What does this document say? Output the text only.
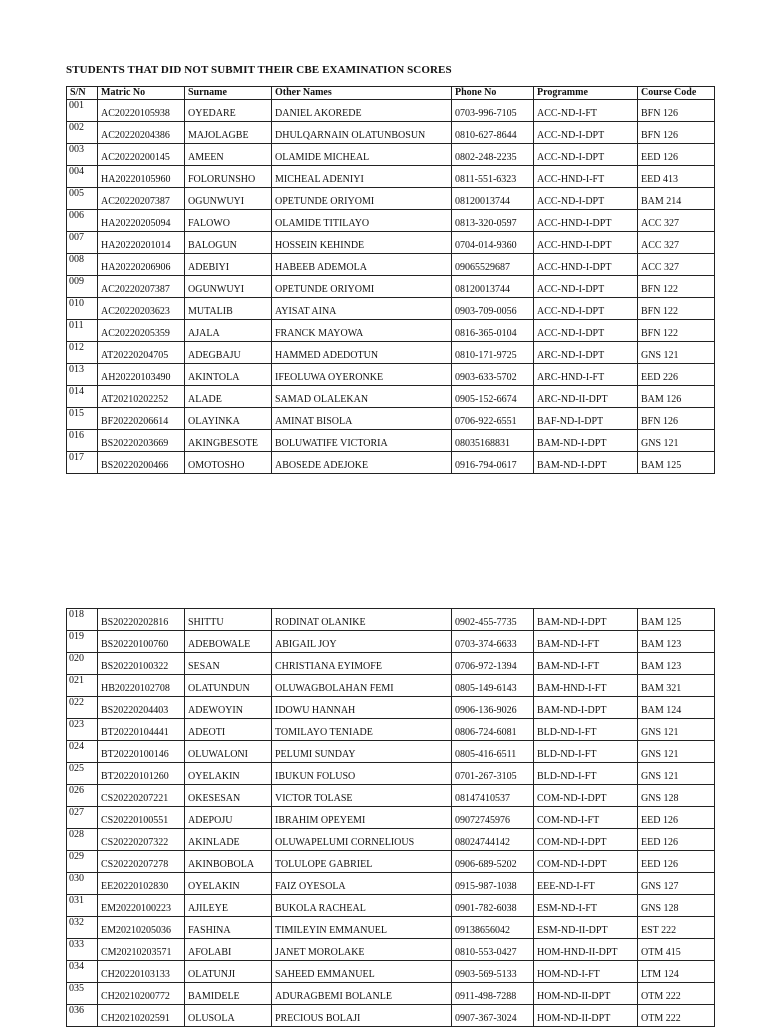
STUDENTS THAT DID NOT SUBMIT THEIR CBE EXAMINATION SCORES
S/N	Matric No	Surname	Other Names	Phone No	Programme	Course Code
001	AC20220105938	OYEDARE	DANIEL AKOREDE	0703-996-7105	ACC-ND-I-FT	BFN 126
002	AC20220204386	MAJOLAGBE	DHULQARNAIN OLATUNBOSUN	0810-627-8644	ACC-ND-I-DPT	BFN 126
003	AC20220200145	AMEEN	OLAMIDE MICHEAL	0802-248-2235	ACC-ND-I-DPT	EED 126
004	HA20220105960	FOLORUNSHO	MICHEAL ADENIYI	0811-551-6323	ACC-HND-I-FT	EED 413
005	AC20220207387	OGUNWUYI	OPETUNDE ORIYOMI	08120013744	ACC-ND-I-DPT	BAM 214
006	HA20220205094	FALOWO	OLAMIDE TITILAYO	0813-320-0597	ACC-HND-I-DPT	ACC 327
007	HA20220201014	BALOGUN	HOSSEIN KEHINDE	0704-014-9360	ACC-HND-I-DPT	ACC 327
008	HA20220206906	ADEBIYI	HABEEB ADEMOLA	09065529687	ACC-HND-I-DPT	ACC 327
009	AC20220207387	OGUNWUYI	OPETUNDE ORIYOMI	08120013744	ACC-ND-I-DPT	BFN 122
010	AC20220203623	MUTALIB	AYISAT AINA	0903-709-0056	ACC-ND-I-DPT	BFN 122
011	AC20220205359	AJALA	FRANCK MAYOWA	0816-365-0104	ACC-ND-I-DPT	BFN 122
012	AT20220204705	ADEGBAJU	HAMMED ADEDOTUN	0810-171-9725	ARC-ND-I-DPT	GNS 121
013	AH20220103490	AKINTOLA	IFEOLUWA OYERONKE	0903-633-5702	ARC-HND-I-FT	EED 226
014	AT20210202252	ALADE	SAMAD OLALEKAN	0905-152-6674	ARC-ND-II-DPT	BAM 126
015	BF20220206614	OLAYINKA	AMINAT BISOLA	0706-922-6551	BAF-ND-I-DPT	BFN 126
016	BS20220203669	AKINGBESOTE	BOLUWATIFE VICTORIA	08035168831	BAM-ND-I-DPT	GNS 121
017	BS20220200466	OMOTOSHO	ABOSEDE ADEJOKE	0916-794-0617	BAM-ND-I-DPT	BAM 125
018	BS20220202816	SHITTU	RODINAT OLANIKE	0902-455-7735	BAM-ND-I-DPT	BAM 125
019	BS20220100760	ADEBOWALE	ABIGAIL JOY	0703-374-6633	BAM-ND-I-FT	BAM 123
020	BS20220100322	SESAN	CHRISTIANA EYIMOFE	0706-972-1394	BAM-ND-I-FT	BAM 123
021	HB20220102708	OLATUNDUN	OLUWAGBOLAHAN FEMI	0805-149-6143	BAM-HND-I-FT	BAM 321
022	BS20220204403	ADEWOYIN	IDOWU HANNAH	0906-136-9026	BAM-ND-I-DPT	BAM 124
023	BT20220104441	ADEOTI	TOMILAYO TENIADE	0806-724-6081	BLD-ND-I-FT	GNS 121
024	BT20220100146	OLUWALONI	PELUMI SUNDAY	0805-416-6511	BLD-ND-I-FT	GNS 121
025	BT20220101260	OYELAKIN	IBUKUN FOLUSO	0701-267-3105	BLD-ND-I-FT	GNS 121
026	CS20220207221	OKESESAN	VICTOR TOLASE	08147410537	COM-ND-I-DPT	GNS 128
027	CS20220100551	ADEPOJU	IBRAHIM OPEYEMI	09072745976	COM-ND-I-FT	EED 126
028	CS20220207322	AKINLADE	OLUWAPELUMI CORNELIOUS	08024744142	COM-ND-I-DPT	EED 126
029	CS20220207278	AKINBOBOLA	TOLULOPE GABRIEL	0906-689-5202	COM-ND-I-DPT	EED 126
030	EE20220102830	OYELAKIN	FAIZ OYESOLA	0915-987-1038	EEE-ND-I-FT	GNS 127
031	EM20220100223	AJILEYE	BUKOLA RACHEAL	0901-782-6038	ESM-ND-I-FT	GNS 128
032	EM20210205036	FASHINA	TIMILEYIN EMMANUEL	09138656042	ESM-ND-II-DPT	EST 222
033	CM20210203571	AFOLABI	JANET MOROLAKE	0810-553-0427	HOM-HND-II-DPT	OTM 415
034	CH20220103133	OLATUNJI	SAHEED EMMANUEL	0903-569-5133	HOM-ND-I-FT	LTM 124
035	CH20210200772	BAMIDELE	ADURAGBEMI BOLANLE	0911-498-7288	HOM-ND-II-DPT	OTM 222
036	CH20210202591	OLUSOLA	PRECIOUS BOLAJI	0907-367-3024	HOM-ND-II-DPT	OTM 222
